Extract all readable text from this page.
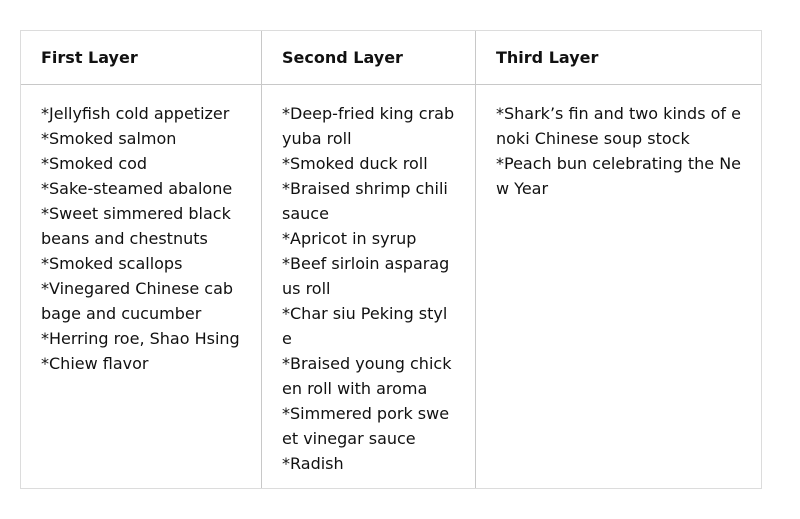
First Layer
*Jellyfish cold appetizer
*Smoked salmon
*Smoked cod
*Sake-steamed abalone
*Sweet simmered black beans and chestnuts
*Smoked scallops
*Vinegared Chinese cabbage and cucumber
*Herring roe, Shao Hsing
*Chiew flavor
Second Layer
*Deep-fried king crab yuba roll
*Smoked duck roll
*Braised shrimp chili sauce
*Apricot in syrup
*Beef sirloin asparagus roll
*Char siu Peking style
*Braised young chicken roll with aroma
*Simmered pork sweet vinegar sauce
*Radish
Third Layer
*Shark’s fin and two kinds of enoki Chinese soup stock
*Peach bun celebrating the New Year
